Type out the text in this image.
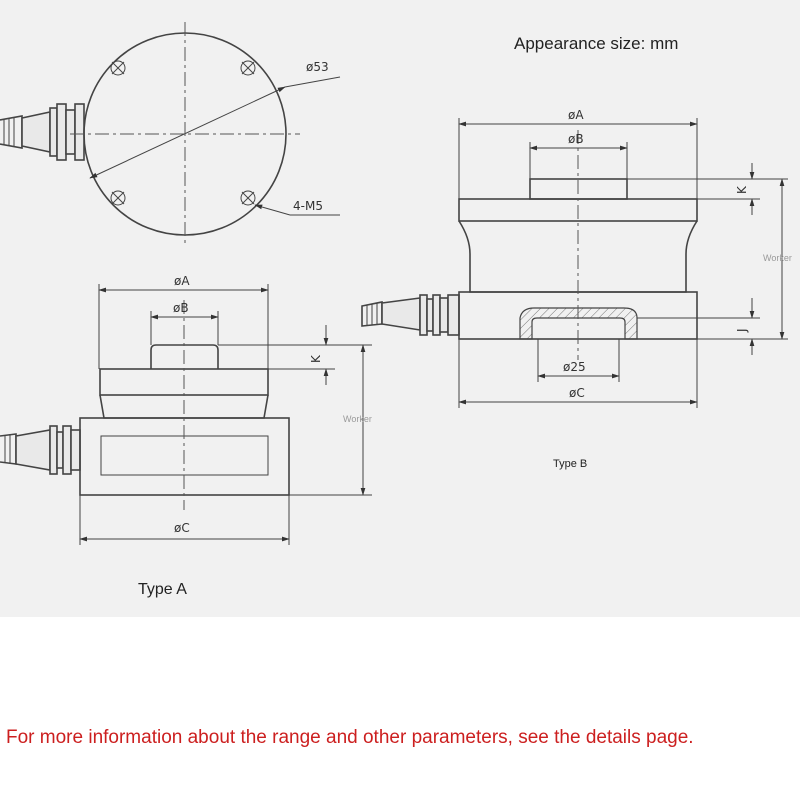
ø53
4-M5
øA
øB
K
øC
øA
øB
K
J
ø25
øC
Appearance size: mm
Type A
Type B
Worker
Worker
For more information about the range and other parameters, see the details page.
